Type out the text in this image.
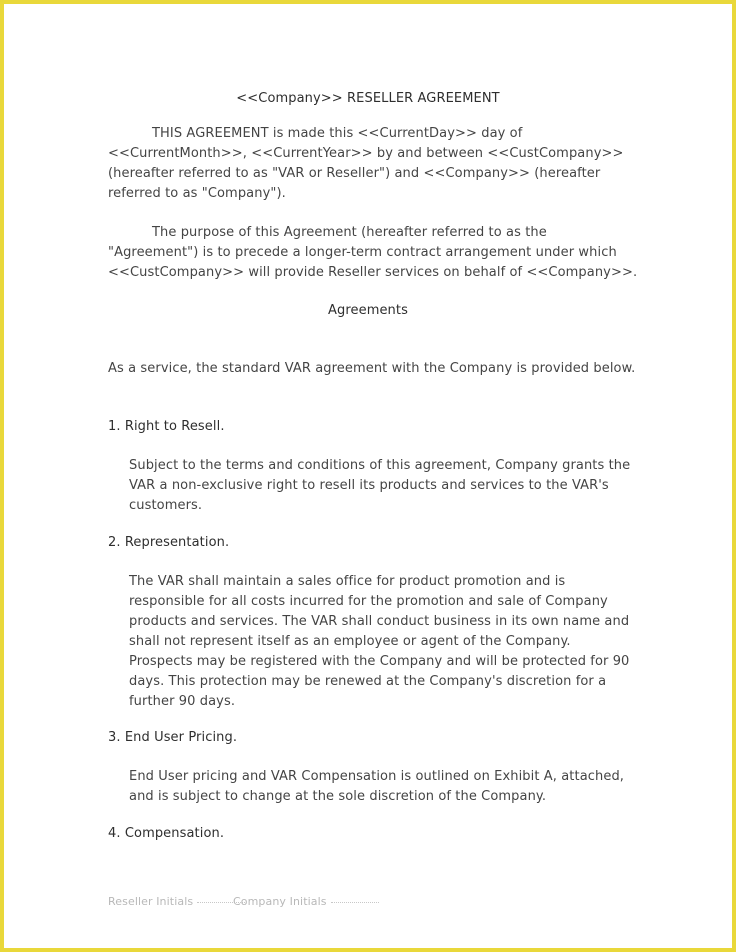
<<Company>> RESELLER AGREEMENT
THIS AGREEMENT is made this <<CurrentDay>> day of <<CurrentMonth>>, <<CurrentYear>> by and between <<CustCompany>> (hereafter referred to as "VAR or Reseller") and <<Company>> (hereafter referred to as "Company").
The purpose of this Agreement (hereafter referred to as the "Agreement") is to precede a longer-term contract arrangement under which <<CustCompany>> will provide Reseller services on behalf of <<Company>>.
Agreements
As a service, the standard VAR agreement with the Company is provided below.
1. Right to Resell.
Subject to the terms and conditions of this agreement, Company grants the VAR a non-exclusive right to resell its products and services to the VAR's customers.
2. Representation.
The VAR shall maintain a sales office for product promotion and is responsible for all costs incurred for the promotion and sale of Company products and services. The VAR shall conduct business in its own name and shall not represent itself as an employee or agent of the Company. Prospects may be registered with the Company and will be protected for 90 days. This protection may be renewed at the Company's discretion for a further 90 days.
3. End User Pricing.
End User pricing and VAR Compensation is outlined on Exhibit A, attached, and is subject to change at the sole discretion of the Company.
4. Compensation.
Reseller Initials	Company Initials
